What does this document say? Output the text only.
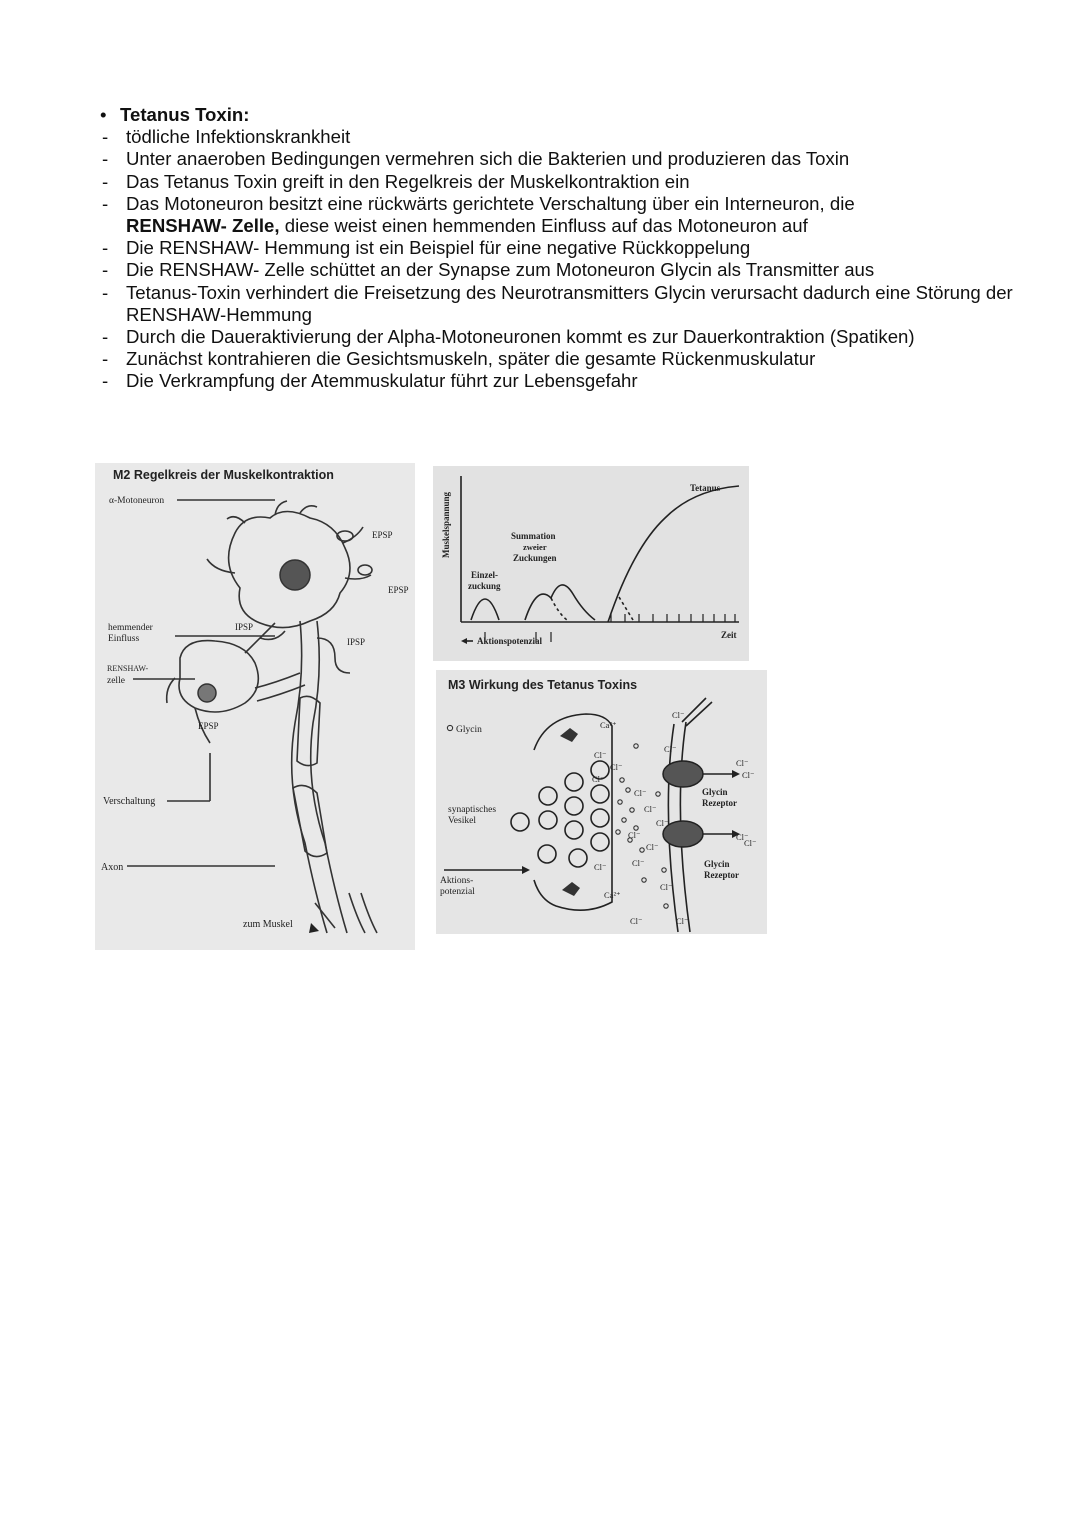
• Tetanus Toxin:
- tödliche Infektionskrankheit
- Unter anaeroben Bedingungen vermehren sich die Bakterien und produzieren das Toxin
- Das Tetanus Toxin greift in den Regelkreis der Muskelkontraktion ein
- Das Motoneuron besitzt eine rückwärts gerichtete Verschaltung über ein Interneuron, die
RENSHAW- Zelle, diese weist einen hemmenden Einfluss auf das Motoneuron auf
- Die RENSHAW- Hemmung ist ein Beispiel für eine negative Rückkoppelung
- Die RENSHAW- Zelle schüttet an der Synapse zum Motoneuron Glycin als Transmitter aus
- Tetanus-Toxin verhindert die Freisetzung des Neurotransmitters Glycin verursacht dadurch eine Störung der RENSHAW-Hemmung
- Durch die Daueraktivierung der Alpha-Motoneuronen kommt es zur Dauerkontraktion (Spatiken)
- Zunächst kontrahieren die Gesichtsmuskeln, später die gesamte Rückenmuskulatur
- Die Verkrampfung der Atemmuskulatur führt zur Lebensgefahr
M2 Regelkreis der Muskelkontraktion
α-Motoneuron
EPSP
EPSP
IPSP
IPSP
hemmender
Einfluss
RENSHAW-
zelle
EPSP
Verschaltung
Axon
zum Muskel
Muskelspannung
Tetanus
Summation
zweier
Zuckungen
Einzel-
zuckung
Aktionspotenzial
Zeit
M3 Wirkung des Tetanus Toxins
Glycin	Ca²⁺
Ca²⁺
Cl⁻
Cl⁻
Cl⁻
Cl⁻
Cl⁻
Cl⁻
Cl⁻
Cl⁻
Cl⁻
Cl⁻
Cl⁻	Cl⁻
Cl⁻
Cl⁻	Cl⁻
Cl⁻
Cl⁻
Cl⁻
Cl⁻
synaptisches
Vesikel
Aktions-
potenzial
Glycin
Rezeptor
Glycin
Rezeptor
